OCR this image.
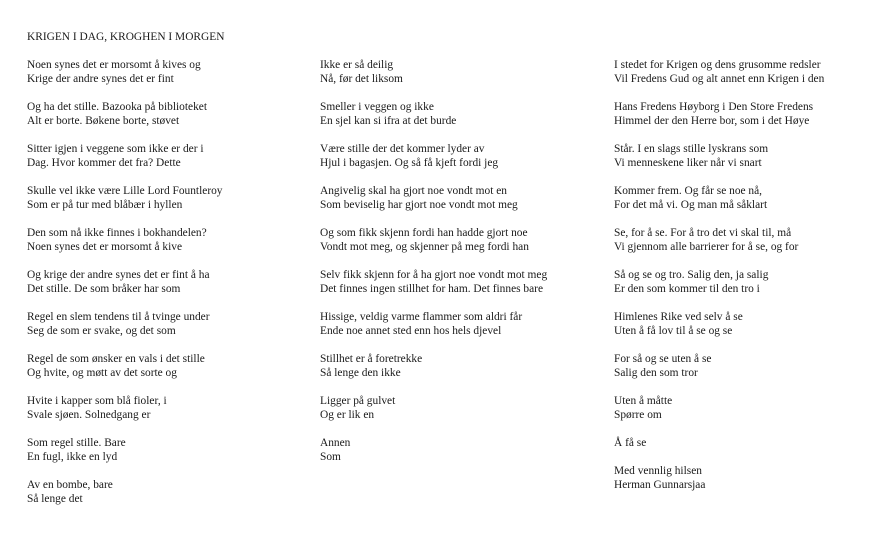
KRIGEN I DAG, KROGHEN I MORGEN
Noen synes det er morsomt å kives og
Krige der andre synes det er fint
Og ha det stille. Bazooka på biblioteket
Alt er borte. Bøkene borte, støvet
Sitter igjen i veggene som ikke er der i
Dag. Hvor kommer det fra? Dette
Skulle vel ikke være Lille Lord Fountleroy
Som er på tur med blåbær i hyllen
Den som nå ikke finnes i bokhandelen?
Noen synes det er morsomt å kive
Og krige der andre synes det er fint å ha
Det stille. De som bråker har som
Regel en slem tendens til å tvinge under
Seg de som er svake, og det som
Regel de som ønsker en vals i det stille
Og hvite, og møtt av det sorte og
Hvite i kapper som blå fioler, i
Svale sjøen. Solnedgang er
Som regel stille. Bare
En fugl, ikke en lyd
Av en bombe, bare
Så lenge det
Ikke er så deilig
Nå, før det liksom
Smeller i veggen og ikke
En sjel kan si ifra at det burde
Være stille der det kommer lyder av
Hjul i bagasjen. Og så få kjeft fordi jeg
Angivelig skal ha gjort noe vondt mot en
Som beviselig har gjort noe vondt mot meg
Og som fikk skjenn fordi han hadde gjort noe
Vondt mot meg, og skjenner på meg fordi han
Selv fikk skjenn for å ha gjort noe vondt mot meg
Det finnes ingen stillhet for ham. Det finnes bare
Hissige, veldig varme flammer som aldri får
Ende noe annet sted enn hos hels djevel
Stillhet er å foretrekke
Så lenge den ikke
Ligger på gulvet
Og er lik en
Annen
Som
I stedet for Krigen og dens grusomme redsler
Vil Fredens Gud og alt annet enn Krigen i den
Hans Fredens Høyborg i Den Store Fredens
Himmel der den Herre bor, som i det Høye
Står. I en slags stille lyskrans som
Vi menneskene liker når vi snart
Kommer frem. Og får se noe nå,
For det må vi. Og man må såklart
Se, for å se. For å tro det vi skal til, må
Vi gjennom alle barrierer for å se, og for
Så og se og tro. Salig den, ja salig
Er den som kommer til den tro i
Himlenes Rike ved selv å se
Uten å få lov til å se og se
For så og se uten å se
Salig den som tror
Uten å måtte
Spørre om
Å få se
Med vennlig hilsen
Herman Gunnarsjaa
